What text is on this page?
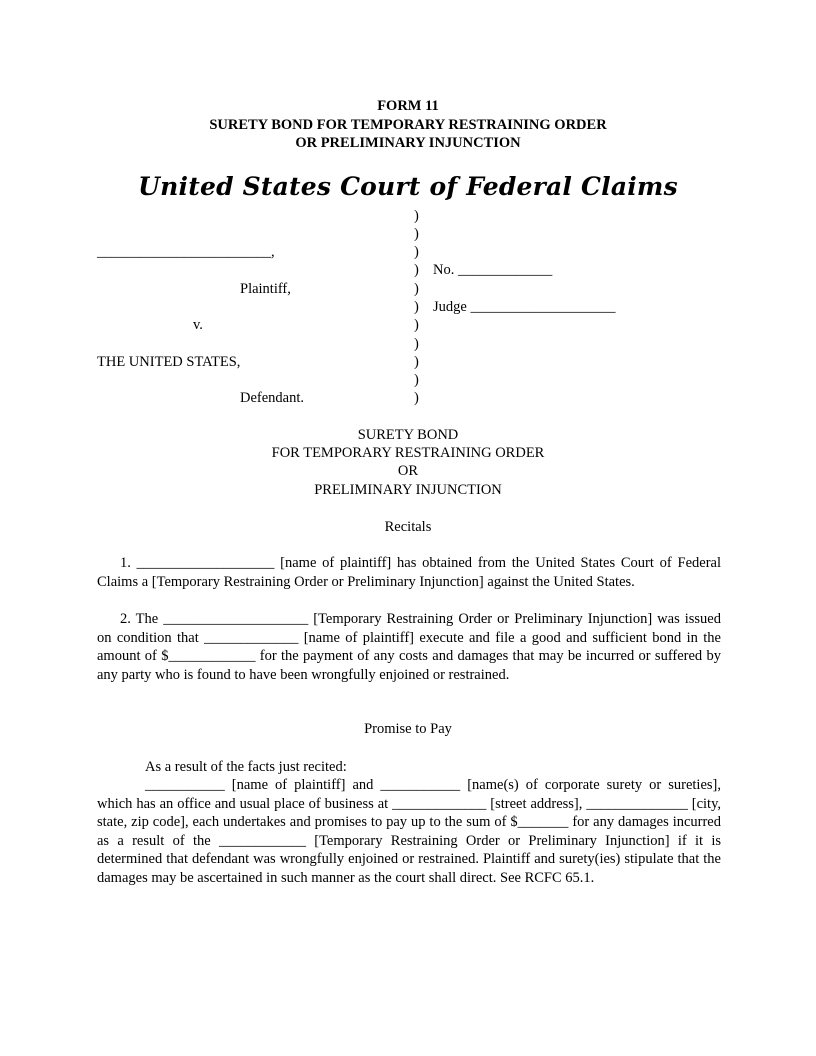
FORM 11
SURETY BOND FOR TEMPORARY RESTRAINING ORDER
OR PRELIMINARY INJUNCTION
United States Court of Federal Claims
)
)
)
)
)
)
)
)
)
)
)
________________________,
Plaintiff,
v.
THE UNITED STATES,
Defendant.
No. _____________
Judge ____________________
SURETY BOND
FOR TEMPORARY RESTRAINING ORDER
OR
PRELIMINARY INJUNCTION
Recitals
1. ___________________ [name of plaintiff] has obtained from the United States Court of Federal Claims a [Temporary Restraining Order or Preliminary Injunction] against the United States.
2. The ____________________ [Temporary Restraining Order or Preliminary Injunction] was issued on condition that _____________ [name of plaintiff] execute and file a good and sufficient bond in the amount of $____________ for the payment of any costs and damages that may be incurred or suffered by any party who is found to have been wrongfully enjoined or restrained.
Promise to Pay
As a result of the facts just recited:
___________ [name of plaintiff] and ___________ [name(s) of corporate surety or sureties], which has an office and usual place of business at _____________ [street address], ______________ [city, state, zip code], each undertakes and promises to pay up to the sum of $_______ for any damages incurred as a result of the ____________ [Temporary Restraining Order or Preliminary Injunction] if it is determined that defendant was wrongfully enjoined or restrained. Plaintiff and surety(ies) stipulate that the damages may be ascertained in such manner as the court shall direct. See RCFC 65.1.
